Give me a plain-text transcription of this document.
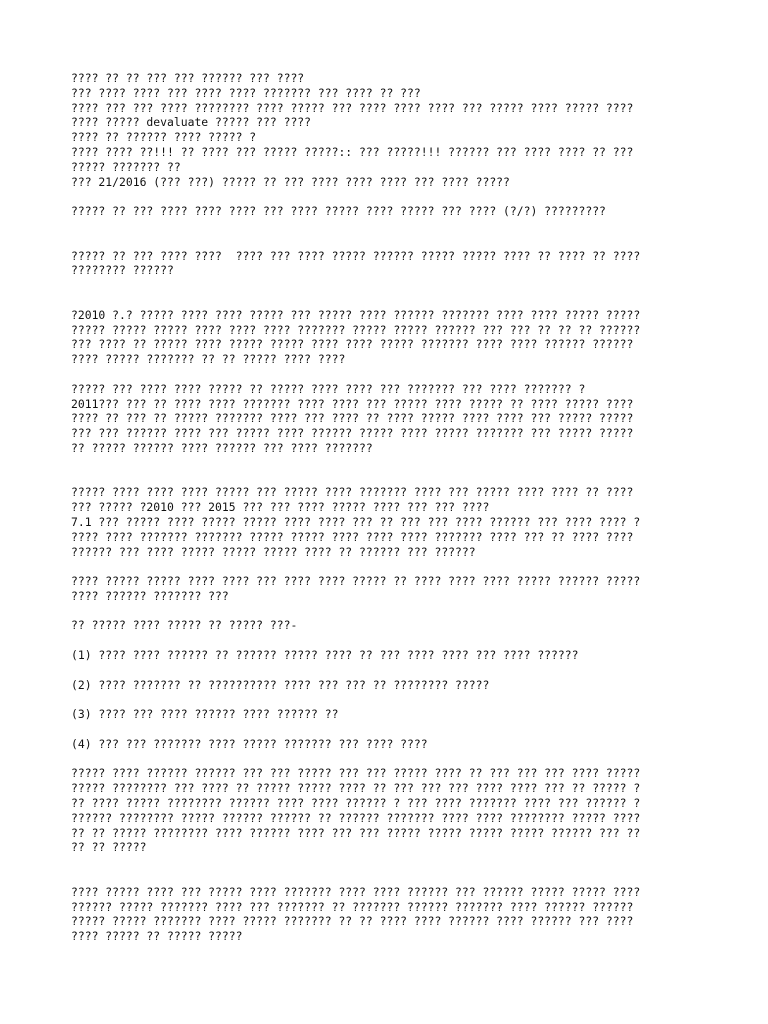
???? ?? ?? ??? ??? ?????? ??? ????
??? ???? ???? ??? ???? ???? ??????? ??? ???? ?? ???
???? ??? ??? ???? ???????? ???? ????? ??? ???? ???? ???? ??? ????? ???? ????? ????
???? ????? devaluate ????? ??? ????
???? ?? ?????? ???? ????? ?
???? ???? ??!!! ?? ???? ??? ????? ?????:: ??? ?????!!! ?????? ??? ???? ???? ?? ???
????? ??????? ??
??? 21/2016 (??? ???) ????? ?? ??? ???? ???? ???? ??? ???? ?????
????? ?? ??? ???? ???? ???? ??? ???? ????? ???? ????? ??? ???? (?/?) ?????????
????? ?? ??? ???? ????  ???? ??? ???? ????? ?????? ????? ????? ???? ?? ???? ?? ????
???????? ??????
?2010 ?.? ????? ???? ???? ????? ??? ????? ???? ?????? ??????? ???? ???? ????? ?????
????? ????? ????? ???? ???? ???? ??????? ????? ????? ?????? ??? ??? ?? ?? ?? ??????
??? ???? ?? ????? ???? ????? ????? ???? ???? ????? ??????? ???? ???? ?????? ??????
???? ????? ??????? ?? ?? ????? ???? ????
????? ??? ???? ???? ????? ?? ????? ???? ???? ??? ??????? ??? ???? ??????? ?
2011??? ??? ?? ???? ???? ??????? ???? ???? ??? ????? ???? ????? ?? ???? ????? ????
???? ?? ??? ?? ????? ??????? ???? ??? ???? ?? ???? ????? ???? ???? ??? ????? ?????
??? ??? ?????? ???? ??? ????? ???? ?????? ????? ???? ????? ??????? ??? ????? ?????
?? ????? ?????? ???? ?????? ??? ???? ???????
????? ???? ???? ???? ????? ??? ????? ???? ??????? ???? ??? ????? ???? ???? ?? ????
??? ????? ?2010 ??? 2015 ??? ??? ???? ????? ???? ??? ??? ????
7.1 ??? ????? ???? ????? ????? ???? ???? ??? ?? ??? ??? ???? ?????? ??? ???? ???? ?
???? ???? ??????? ??????? ????? ????? ???? ???? ???? ??????? ???? ??? ?? ???? ????
?????? ??? ???? ????? ????? ????? ???? ?? ?????? ??? ??????
???? ????? ????? ???? ???? ??? ???? ???? ????? ?? ???? ???? ???? ????? ?????? ?????
???? ?????? ??????? ???
?? ????? ???? ????? ?? ????? ???-
(1) ???? ???? ?????? ?? ?????? ????? ???? ?? ??? ???? ???? ??? ???? ??????
(2) ???? ??????? ?? ?????????? ???? ??? ??? ?? ???????? ?????
(3) ???? ??? ???? ?????? ???? ?????? ??
(4) ??? ??? ??????? ???? ????? ??????? ??? ???? ????
????? ???? ?????? ?????? ??? ??? ????? ??? ??? ????? ???? ?? ??? ??? ??? ???? ?????
????? ???????? ??? ???? ?? ????? ????? ???? ?? ??? ??? ??? ???? ???? ??? ?? ????? ?
?? ???? ????? ???????? ?????? ???? ???? ?????? ? ??? ???? ??????? ???? ??? ?????? ?
?????? ???????? ????? ?????? ?????? ?? ?????? ??????? ???? ???? ???????? ????? ????
?? ?? ????? ???????? ???? ?????? ???? ??? ??? ????? ????? ????? ????? ?????? ??? ??
?? ?? ?????
???? ????? ???? ??? ????? ???? ??????? ???? ???? ?????? ??? ?????? ????? ????? ????
?????? ????? ??????? ???? ??? ??????? ?? ??????? ?????? ??????? ???? ?????? ??????
????? ????? ??????? ???? ????? ??????? ?? ?? ???? ???? ?????? ???? ?????? ??? ????
???? ????? ?? ????? ?????
